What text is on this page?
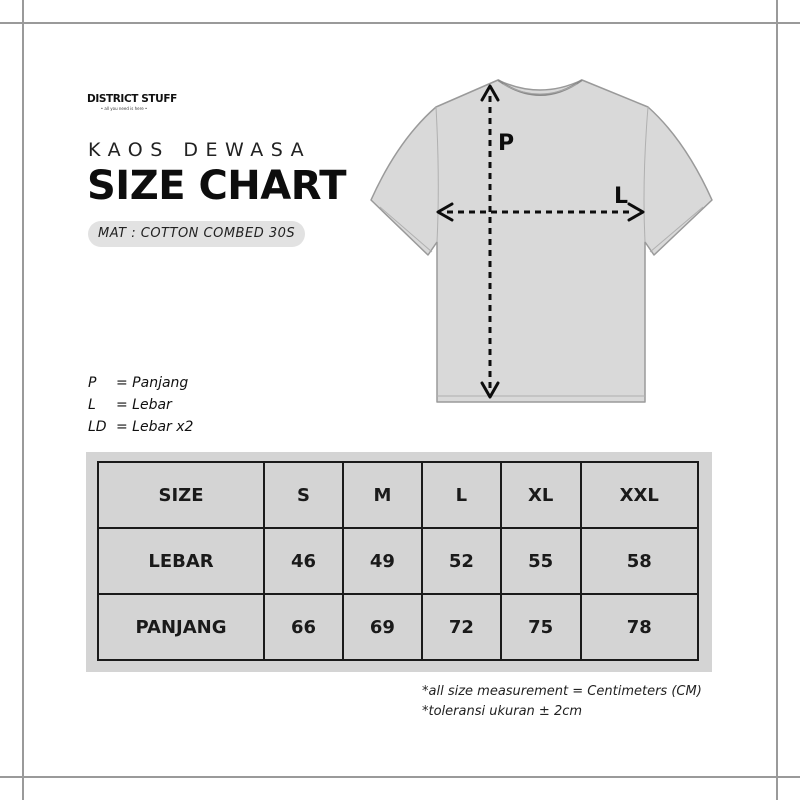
DISTRICT STUFF
• all you need is here •
KAOS DEWASA
SIZE CHART
MAT : COTTON COMBED 30S
P	= Panjang
L	= Lebar
LD = Lebar x2
P
L
SIZE	S	M	L	XL	XXL
LEBAR	46	49	52	55	58
PANJANG	66	69	72	75	78
*all size measurement = Centimeters (CM)
*toleransi ukuran ± 2cm
